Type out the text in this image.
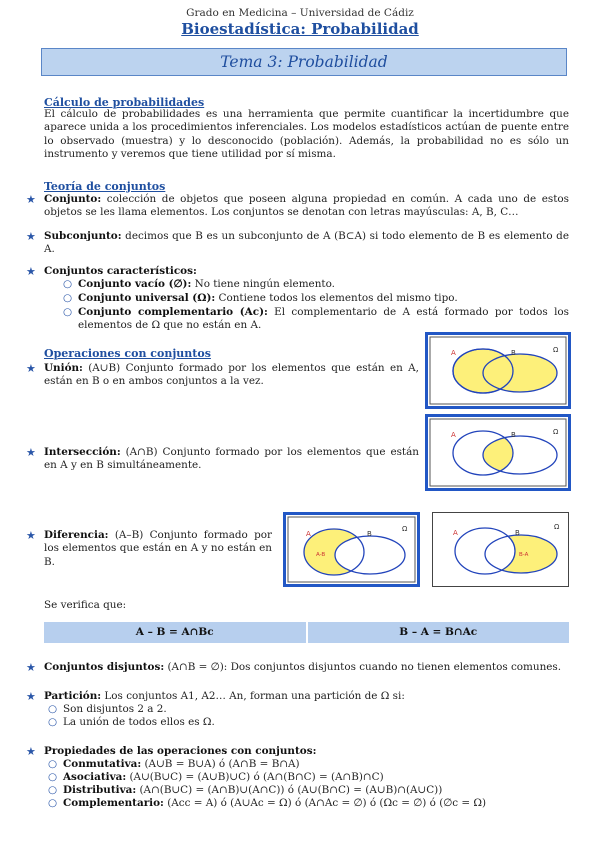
Grado en Medicina – Universidad de Cádiz
Bioestadística: Probabilidad
Tema 3: Probabilidad
Cálculo de probabilidades
El cálculo de probabilidades es una herramienta que permite cuantificar la incertidumbre que aparece unida a los procedimientos inferenciales. Los modelos estadísticos actúan de puente entre lo observado (muestra) y lo desconocido (población). Además, la probabilidad no es sólo un instrumento y veremos que tiene utilidad por sí misma.
Teoría de conjuntos
★ Conjunto: colección de objetos que poseen alguna propiedad en común. A cada uno de estos objetos se les llama elementos. Los conjuntos se denotan con letras mayúsculas: A, B, C…
★ Subconjunto: decimos que B es un subconjunto de A (B⊂A) si todo elemento de B es elemento de A.
★ Conjuntos característicos:
○ Conjunto vacío (∅): No tiene ningún elemento.
○ Conjunto universal (Ω): Contiene todos los elementos del mismo tipo.
○ Conjunto complementario (Ac): El complementario de A está formado por todos los elementos de Ω que no están en A.
Operaciones con conjuntos
★ Unión: (A∪B) Conjunto formado por los elementos que están en A, están en B o en ambos conjuntos a la vez.
★ Intersección: (A∩B) Conjunto formado por los elementos que están en A y en B simultáneamente.
★ Diferencia: (A–B) Conjunto formado por los elementos que están en A y no están en B.
A	B	Ω
A	B	Ω
A	B
Ω
A-B
A	B
Ω
B-A
Se verifica que:
A – B = A∩Bc	B – A = B∩Ac
★ Conjuntos disjuntos: (A∩B = ∅): Dos conjuntos disjuntos cuando no tienen elementos comunes.
★ Partición: Los conjuntos A1, A2… An, forman una partición de Ω si:
○ Son disjuntos 2 a 2.
○ La unión de todos ellos es Ω.
★ Propiedades de las operaciones con conjuntos:
○ Conmutativa: (A∪B = B∪A) ó (A∩B = B∩A)
○ Asociativa: (A∪(B∪C) = (A∪B)∪C) ó (A∩(B∩C) = (A∩B)∩C)
○ Distributiva: (A∩(B∪C) = (A∩B)∪(A∩C)) ó (A∪(B∩C) = (A∪B)∩(A∪C))
○ Complementario: (Acc = A) ó (A∪Ac = Ω) ó (A∩Ac = ∅) ó (Ωc = ∅) ó (∅c = Ω)
